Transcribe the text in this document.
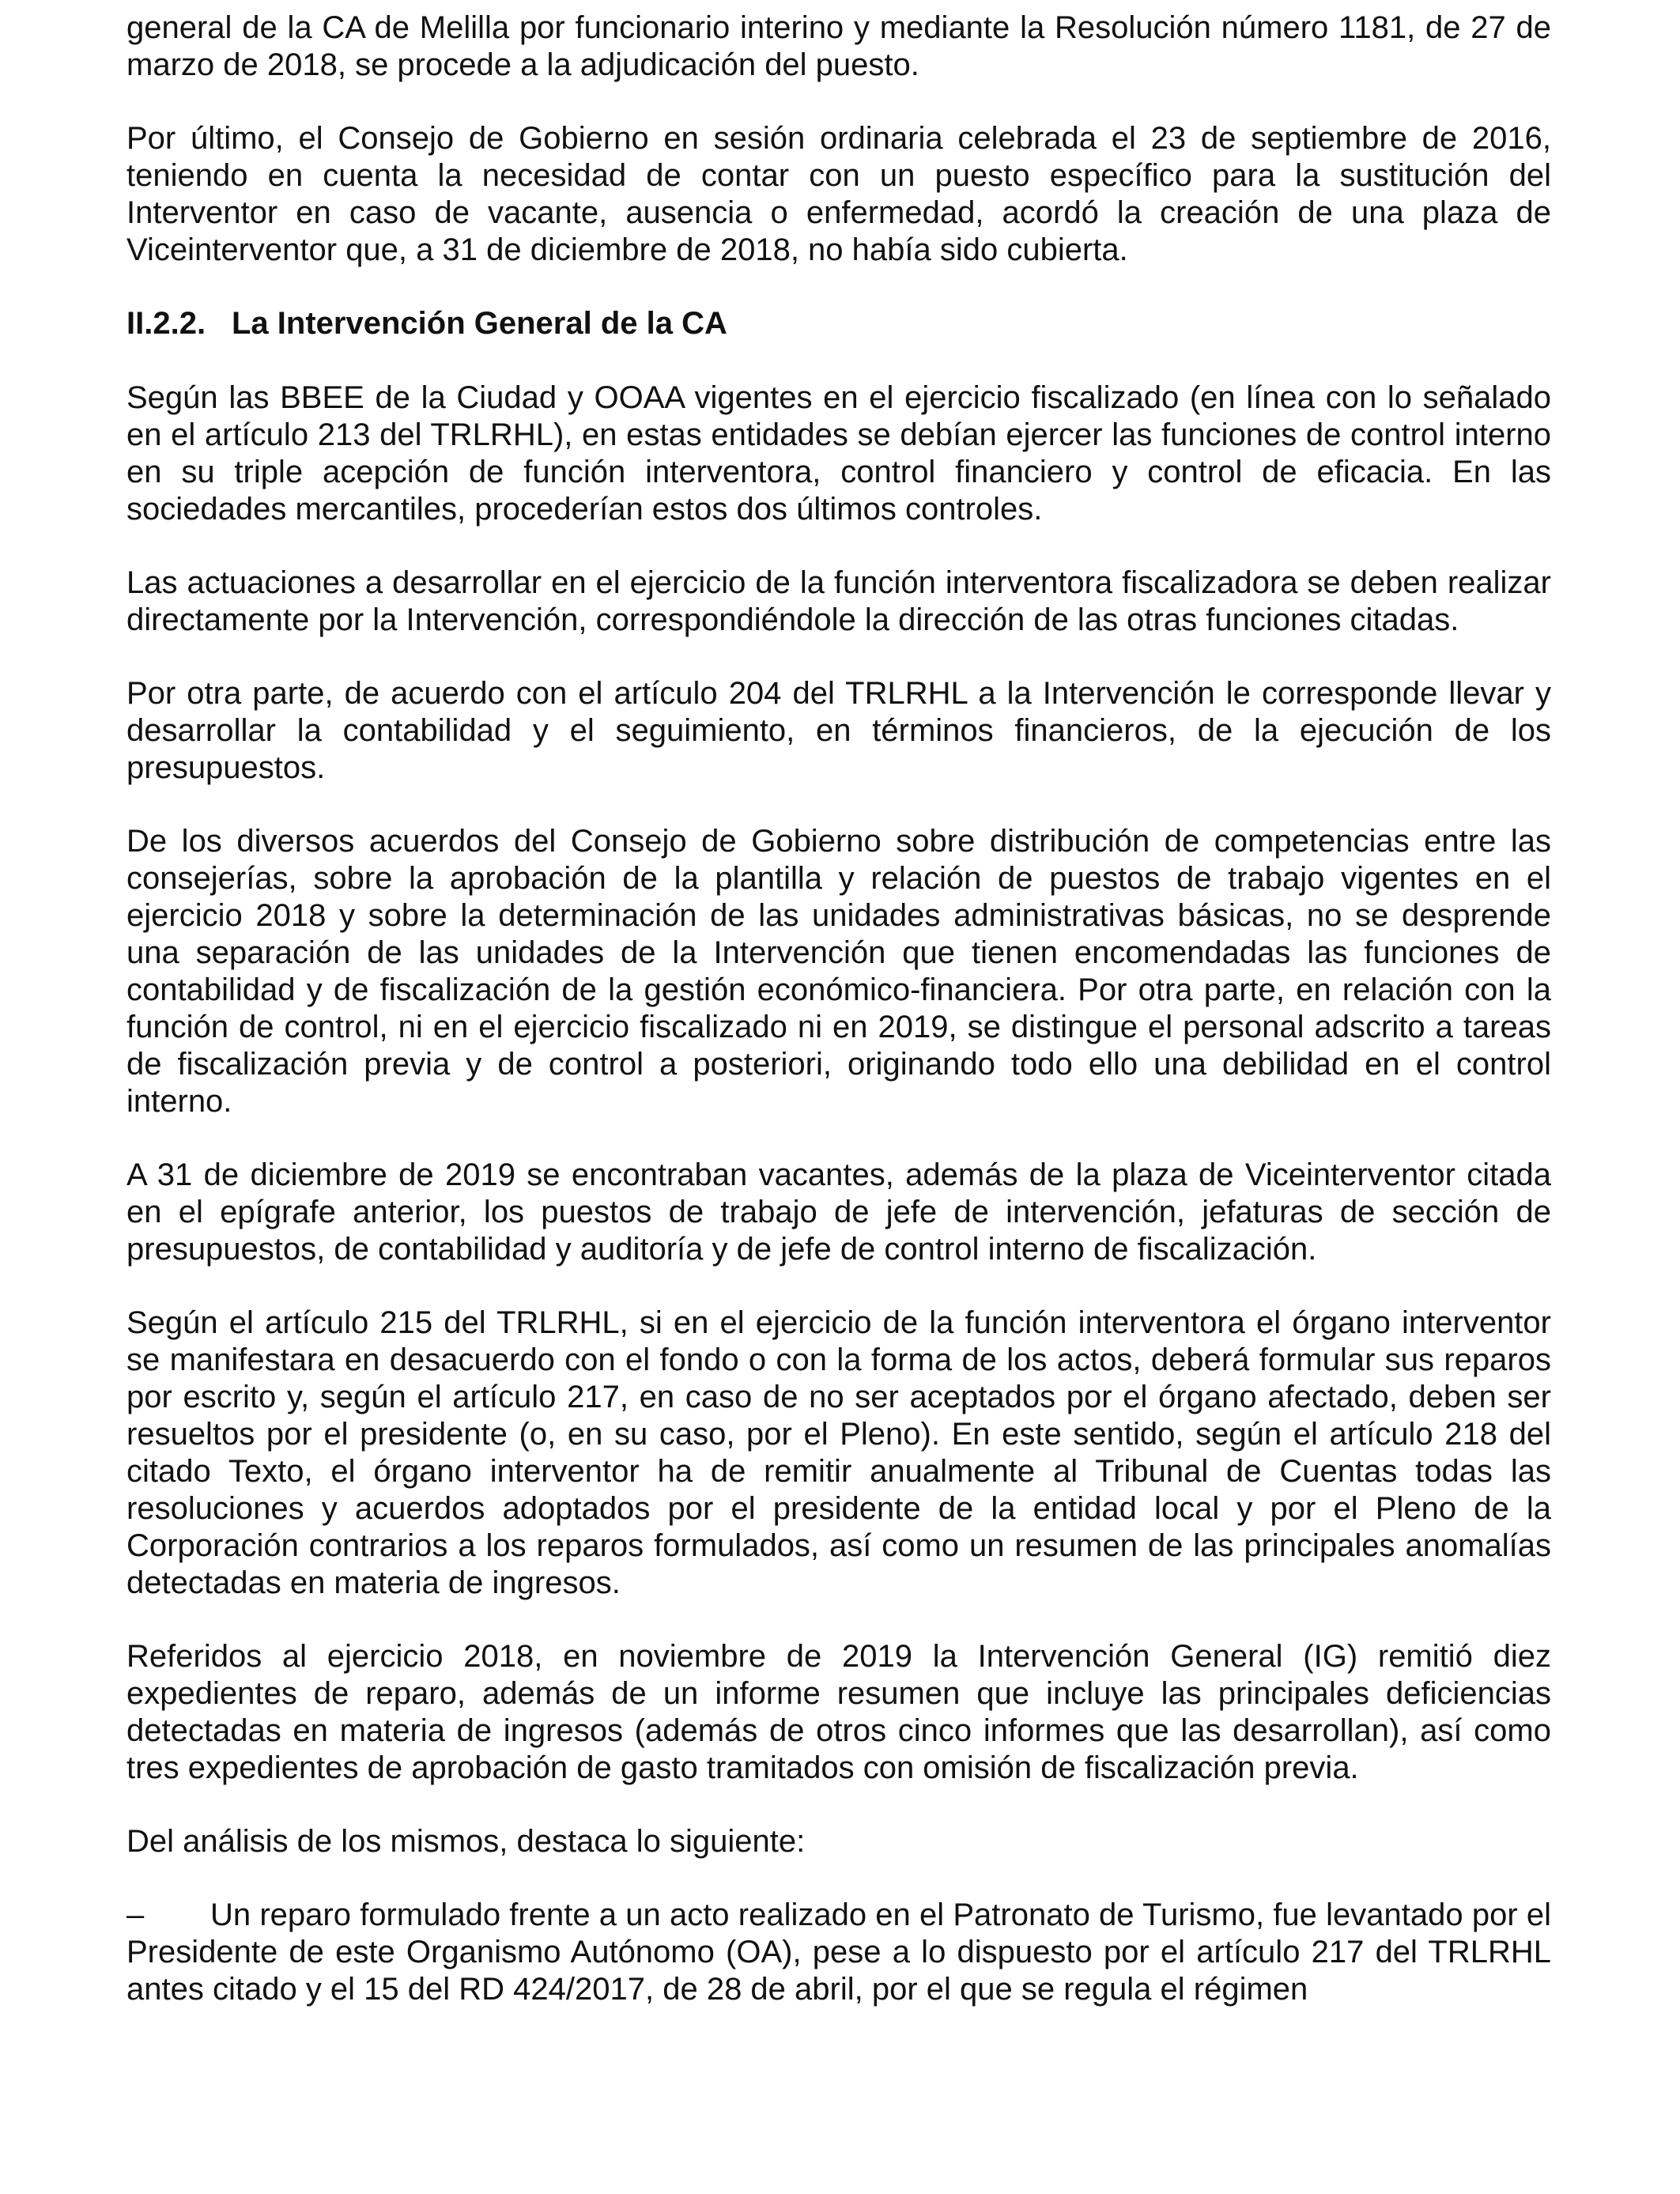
general de la CA de Melilla por funcionario interino y mediante la Resolución número 1181, de 27 de marzo de 2018, se procede a la adjudicación del puesto.

Por último, el Consejo de Gobierno en sesión ordinaria celebrada el 23 de septiembre de 2016, teniendo en cuenta la necesidad de contar con un puesto específico para la sustitución del Interventor en caso de vacante, ausencia o enfermedad, acordó la creación de una plaza de Viceinterventor que, a 31 de diciembre de 2018, no había sido cubierta.

II.2.2. La Intervención General de la CA

Según las BBEE de la Ciudad y OOAA vigentes en el ejercicio fiscalizado (en línea con lo señalado en el artículo 213 del TRLRHL), en estas entidades se debían ejercer las funciones de control interno en su triple acepción de función interventora, control financiero y control de eficacia. En las sociedades mercantiles, procederían estos dos últimos controles.

Las actuaciones a desarrollar en el ejercicio de la función interventora fiscalizadora se deben realizar directamente por la Intervención, correspondiéndole la dirección de las otras funciones citadas.

Por otra parte, de acuerdo con el artículo 204 del TRLRHL a la Intervención le corresponde llevar y desarrollar la contabilidad y el seguimiento, en términos financieros, de la ejecución de los presupuestos.

De los diversos acuerdos del Consejo de Gobierno sobre distribución de competencias entre las consejerías, sobre la aprobación de la plantilla y relación de puestos de trabajo vigentes en el ejercicio 2018 y sobre la determinación de las unidades administrativas básicas, no se desprende una separación de las unidades de la Intervención que tienen encomendadas las funciones de contabilidad y de fiscalización de la gestión económico-financiera. Por otra parte, en relación con la función de control, ni en el ejercicio fiscalizado ni en 2019, se distingue el personal adscrito a tareas de fiscalización previa y de control a posteriori, originando todo ello una debilidad en el control interno.

A 31 de diciembre de 2019 se encontraban vacantes, además de la plaza de Viceinterventor citada en el epígrafe anterior, los puestos de trabajo de jefe de intervención, jefaturas de sección de presupuestos, de contabilidad y auditoría y de jefe de control interno de fiscalización.

Según el artículo 215 del TRLRHL, si en el ejercicio de la función interventora el órgano interventor se manifestara en desacuerdo con el fondo o con la forma de los actos, deberá formular sus reparos por escrito y, según el artículo 217, en caso de no ser aceptados por el órgano afectado, deben ser resueltos por el presidente (o, en su caso, por el Pleno). En este sentido, según el artículo 218 del citado Texto, el órgano interventor ha de remitir anualmente al Tribunal de Cuentas todas las resoluciones y acuerdos adoptados por el presidente de la entidad local y por el Pleno de la Corporación contrarios a los reparos formulados, así como un resumen de las principales anomalías detectadas en materia de ingresos.

Referidos al ejercicio 2018, en noviembre de 2019 la Intervención General (IG) remitió diez expedientes de reparo, además de un informe resumen que incluye las principales deficiencias detectadas en materia de ingresos (además de otros cinco informes que las desarrollan), así como tres expedientes de aprobación de gasto tramitados con omisión de fiscalización previa.

Del análisis de los mismos, destaca lo siguiente:

–	Un reparo formulado frente a un acto realizado en el Patronato de Turismo, fue levantado por el Presidente de este Organismo Autónomo (OA), pese a lo dispuesto por el artículo 217 del TRLRHL antes citado y el 15 del RD 424/2017, de 28 de abril, por el que se regula el régimen
